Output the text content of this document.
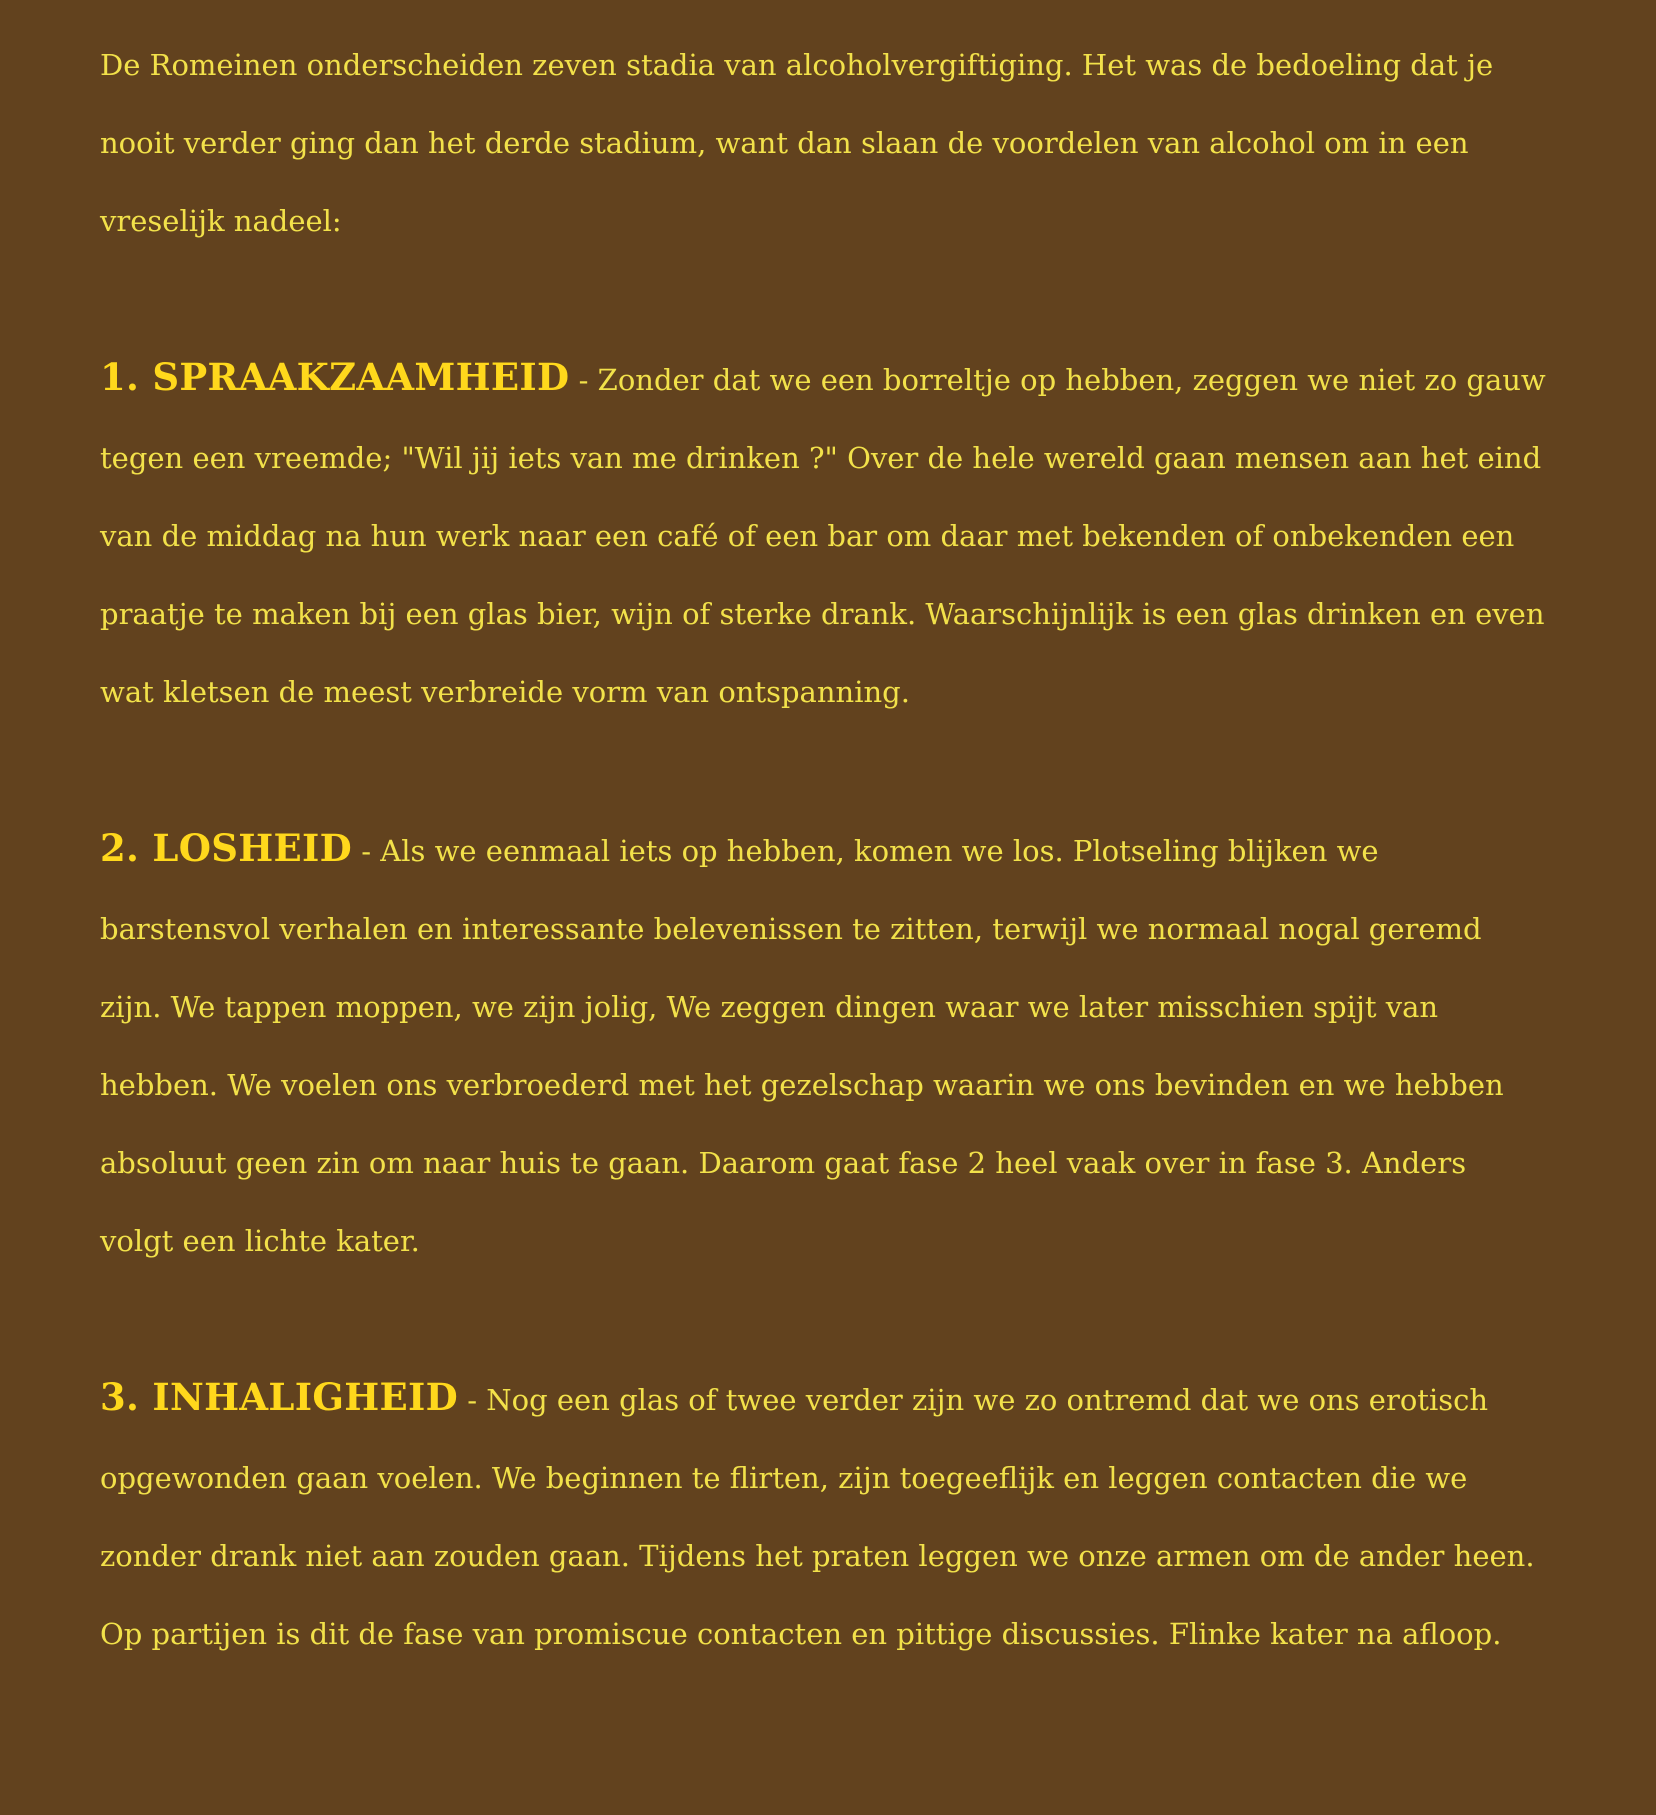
De Romeinen onderscheiden zeven stadia van alcoholvergiftiging. Het was de bedoeling dat je nooit verder ging dan het derde stadium, want dan slaan de voordelen van alcohol om in een vreselijk nadeel:

1. SPRAAKZAAMHEID - Zonder dat we een borreltje op hebben, zeggen we niet zo gauw tegen een vreemde; "Wil jij iets van me drinken ?" Over de hele wereld gaan mensen aan het eind van de middag na hun werk naar een café of een bar om daar met bekenden of onbekenden een praatje te maken bij een glas bier, wijn of sterke drank. Waarschijnlijk is een glas drinken en even wat kletsen de meest verbreide vorm van ontspanning.

2. LOSHEID - Als we eenmaal iets op hebben, komen we los. Plotseling blijken we barstensvol verhalen en interessante belevenissen te zitten, terwijl we normaal nogal geremd zijn. We tappen moppen, we zijn jolig, We zeggen dingen waar we later misschien spijt van hebben. We voelen ons verbroederd met het gezelschap waarin we ons bevinden en we hebben absoluut geen zin om naar huis te gaan. Daarom gaat fase 2 heel vaak over in fase 3. Anders volgt een lichte kater.

3. INHALIGHEID - Nog een glas of twee verder zijn we zo ontremd dat we ons erotisch opgewonden gaan voelen. We beginnen te flirten, zijn toegeeflijk en leggen contacten die we zonder drank niet aan zouden gaan. Tijdens het praten leggen we onze armen om de ander heen. Op partijen is dit de fase van promiscue contacten en pittige discussies. Flinke kater na afloop.
